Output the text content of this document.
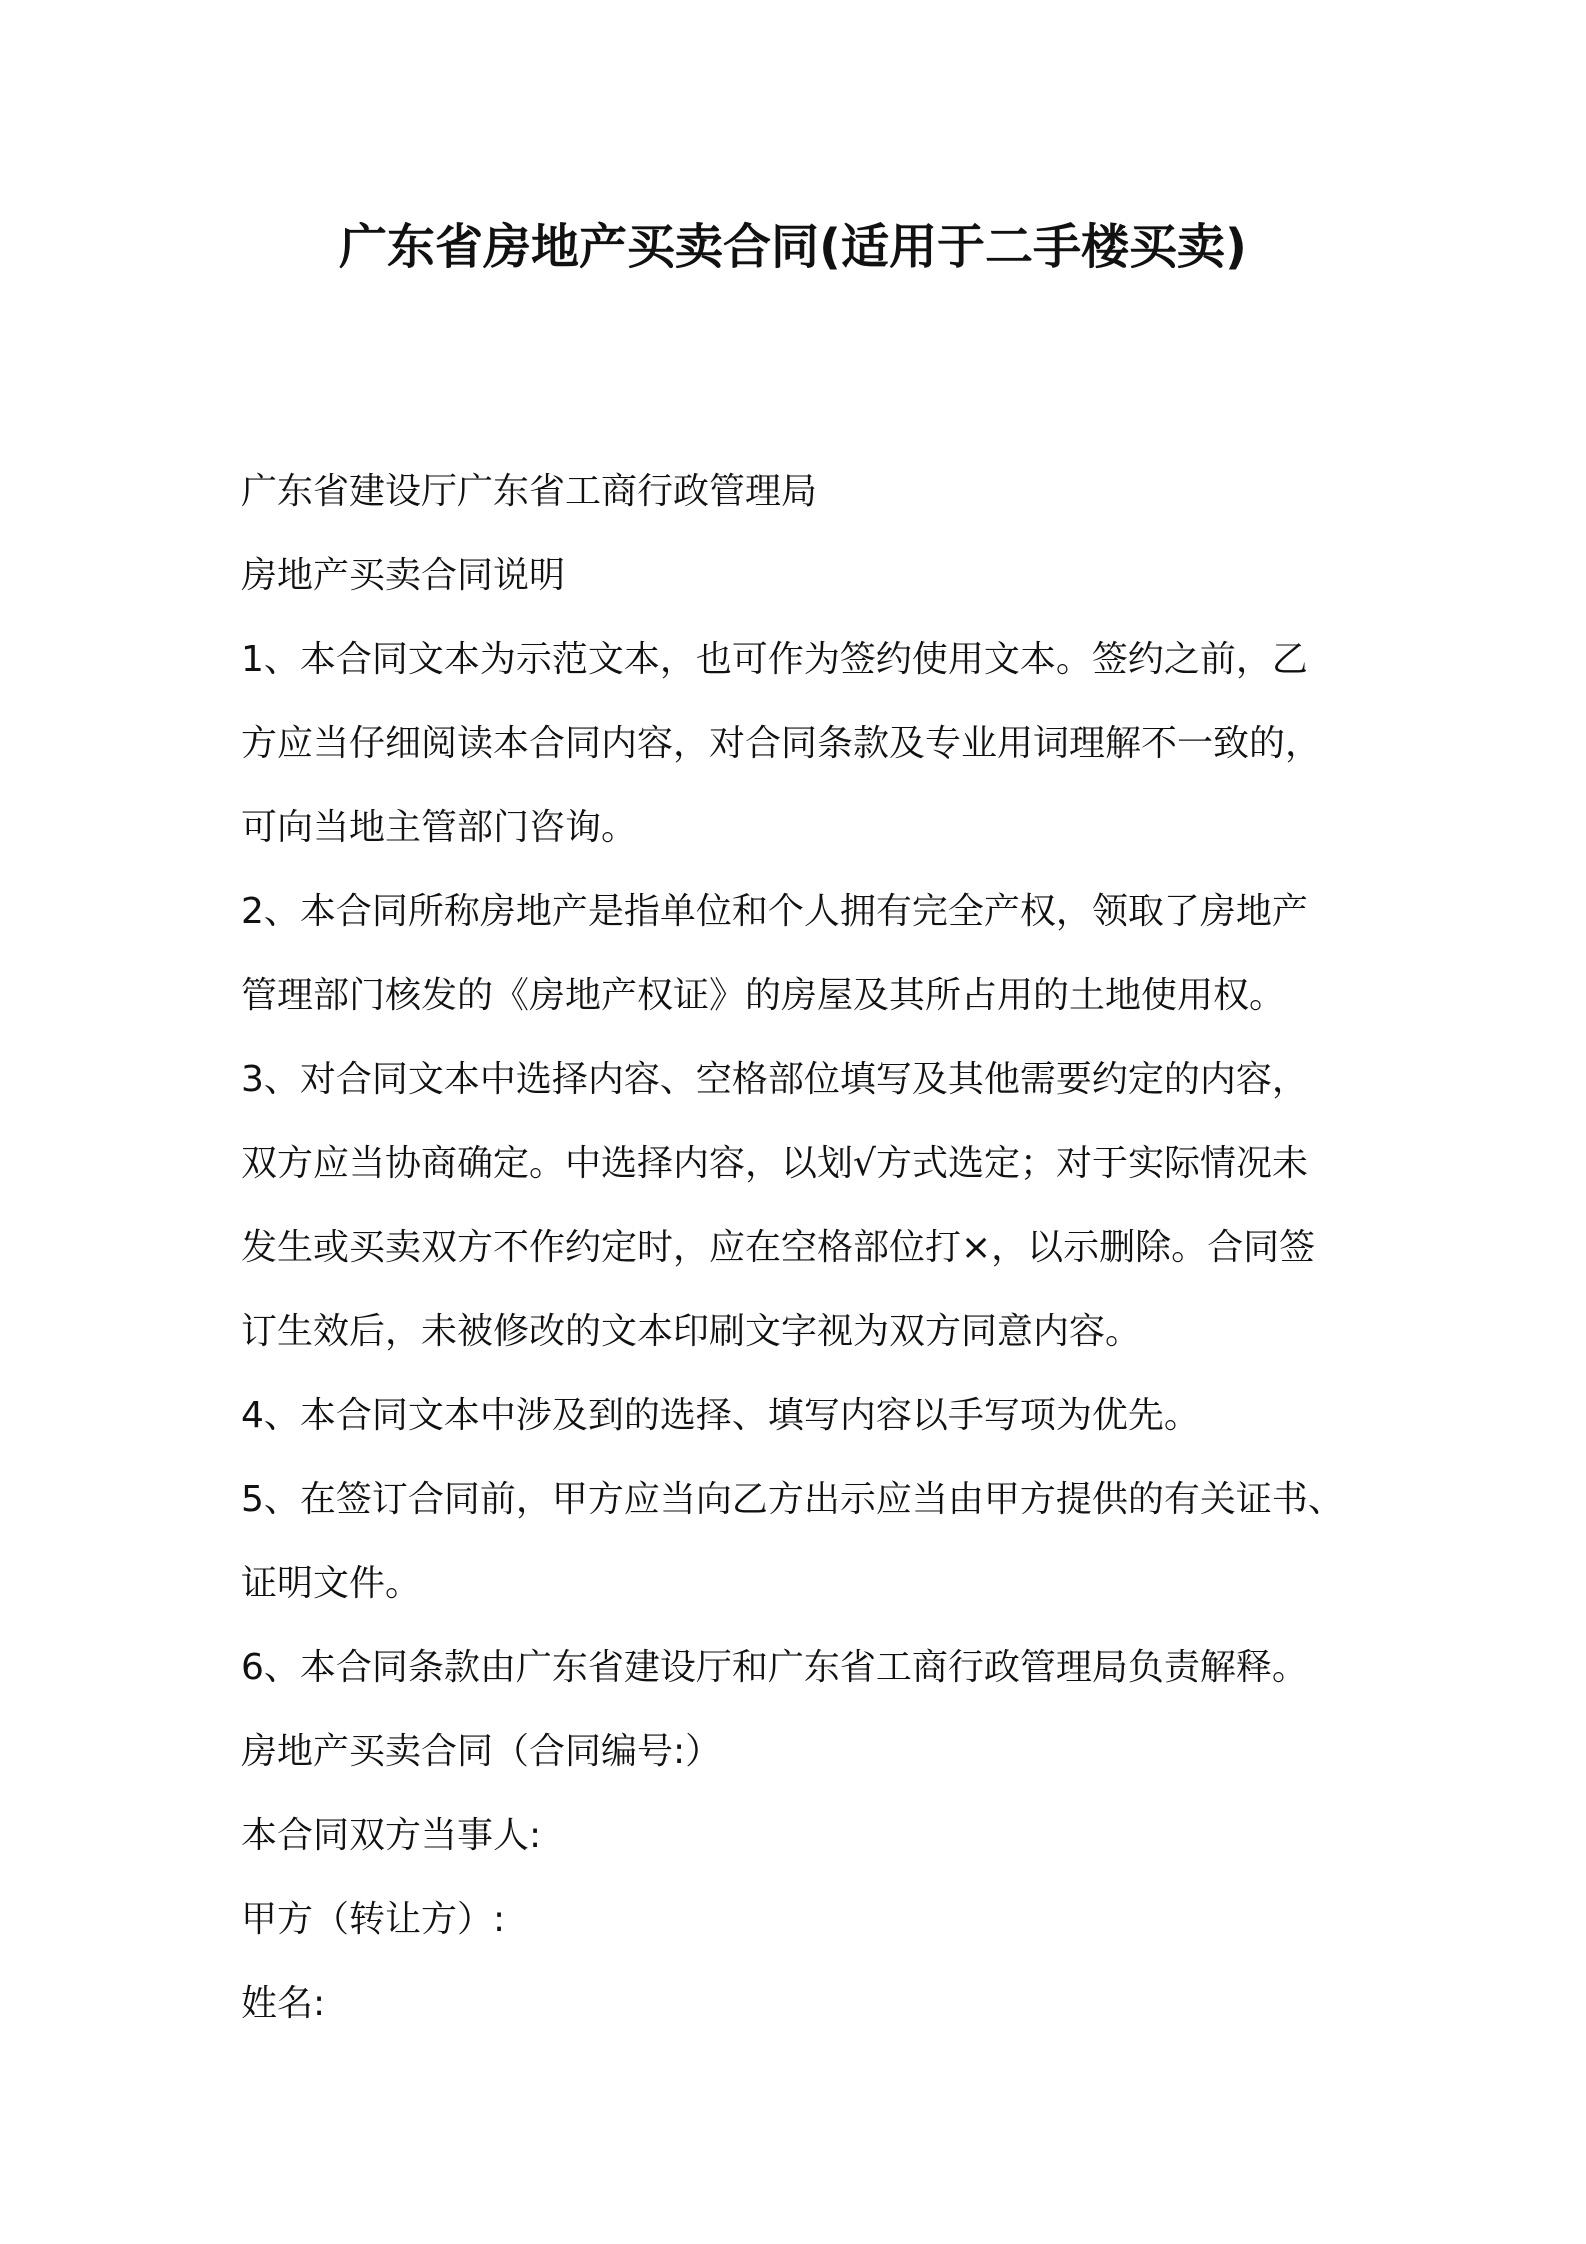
广东省房地产买卖合同(适用于二手楼买卖)
广东省建设厅广东省工商行政管理局
房地产买卖合同说明
1、本合同文本为示范文本，也可作为签约使用文本。签约之前，乙
方应当仔细阅读本合同内容，对合同条款及专业用词理解不一致的，
可向当地主管部门咨询。
2、本合同所称房地产是指单位和个人拥有完全产权，领取了房地产
管理部门核发的《房地产权证》的房屋及其所占用的土地使用权。
3、对合同文本中选择内容、空格部位填写及其他需要约定的内容，
双方应当协商确定。中选择内容，以划√方式选定；对于实际情况未
发生或买卖双方不作约定时，应在空格部位打×，以示删除。合同签
订生效后，未被修改的文本印刷文字视为双方同意内容。
4、本合同文本中涉及到的选择、填写内容以手写项为优先。
5、在签订合同前，甲方应当向乙方出示应当由甲方提供的有关证书、
证明文件。
6、本合同条款由广东省建设厅和广东省工商行政管理局负责解释。
房地产买卖合同（合同编号:）
本合同双方当事人:
甲方（转让方）:
姓名:
